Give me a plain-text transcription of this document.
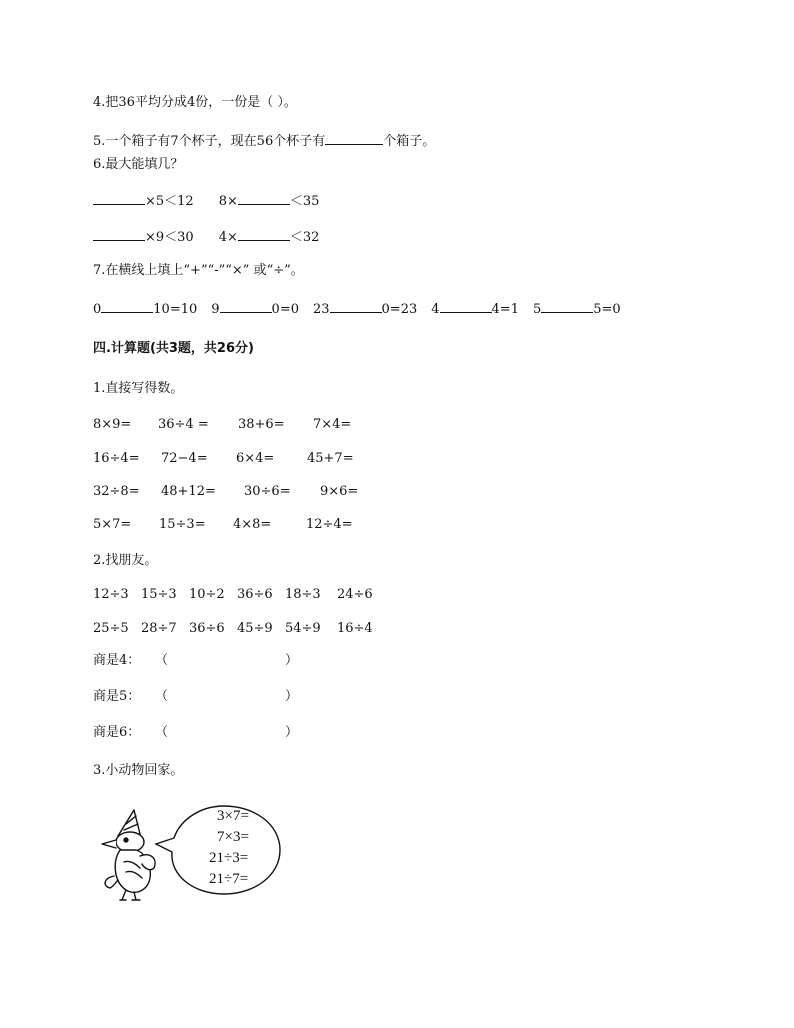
4.把36平均分成4份，一份是（ ）。
5.一个箱子有7个杯子，现在56个杯子有	个箱子。
6.最大能填几？
×5＜12 8×	＜35
×9＜30 4×	＜32
7.在横线上填上“+”“-”“×” 或“÷”。
0	10=10 9	0=0 23	0=23 4	4=1 5	5=0
四.计算题(共3题，共26分)
1.直接写得数。
8×9= 36÷4 = 38+6= 7×4=
16÷4= 72−4= 6×4=	45+7=
32÷8= 48+12= 30÷6= 9×6=
5×7= 15÷3= 4×8=	12÷4=
2.找朋友。
12÷3 15÷3 10÷2 36÷6 18÷3 24÷6
25÷5 28÷7 36÷6 45÷9 54÷9 16÷4
商是4： （	）
商是5： （	）
商是6： （	）
3.小动物回家。
3×7=
7×3=
21÷3=
21÷7=
